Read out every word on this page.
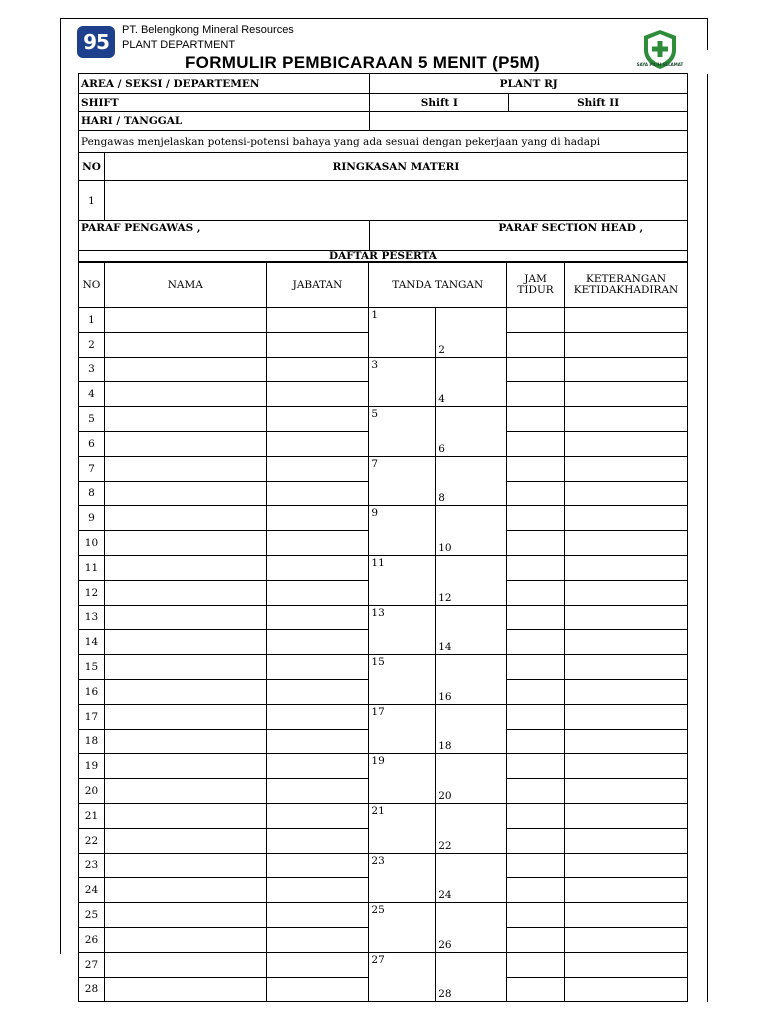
95 PT. Belengkong Mineral Resources
PLANT DEPARTMENT
FORMULIR PEMBICARAAN 5 MENIT (P5M)	SAYA PILIH SELAMAT
AREA / SEKSI / DEPARTEMEN		PLANT RJ	
SHIFT		Shift I	Shift II
HARI / TANGGAL			
Pengawas menjelaskan potensi-potensi bahaya yang ada sesuai dengan pekerjaan yang di hadapi			
NO	RINGKASAN MATERI		
1			
PARAF PENGAWAS ,		PARAF SECTION HEAD ,	
DAFTAR PESERTA			
NO	NAMA	JABATAN	TANDA TANGAN		JAM TIDUR	KETERANGAN KETIDAKHADIRAN
1			1			
2				2		
3			3			
4				4		
5			5			
6				6		
7			7			
8				8		
9			9			
10				10		
11			11			
12				12		
13			13			
14				14		
15			15			
16				16		
17			17			
18				18		
19			19			
20				20		
21			21			
22				22		
23			23			
24				24		
25			25			
26				26		
27			27			
28				28		
